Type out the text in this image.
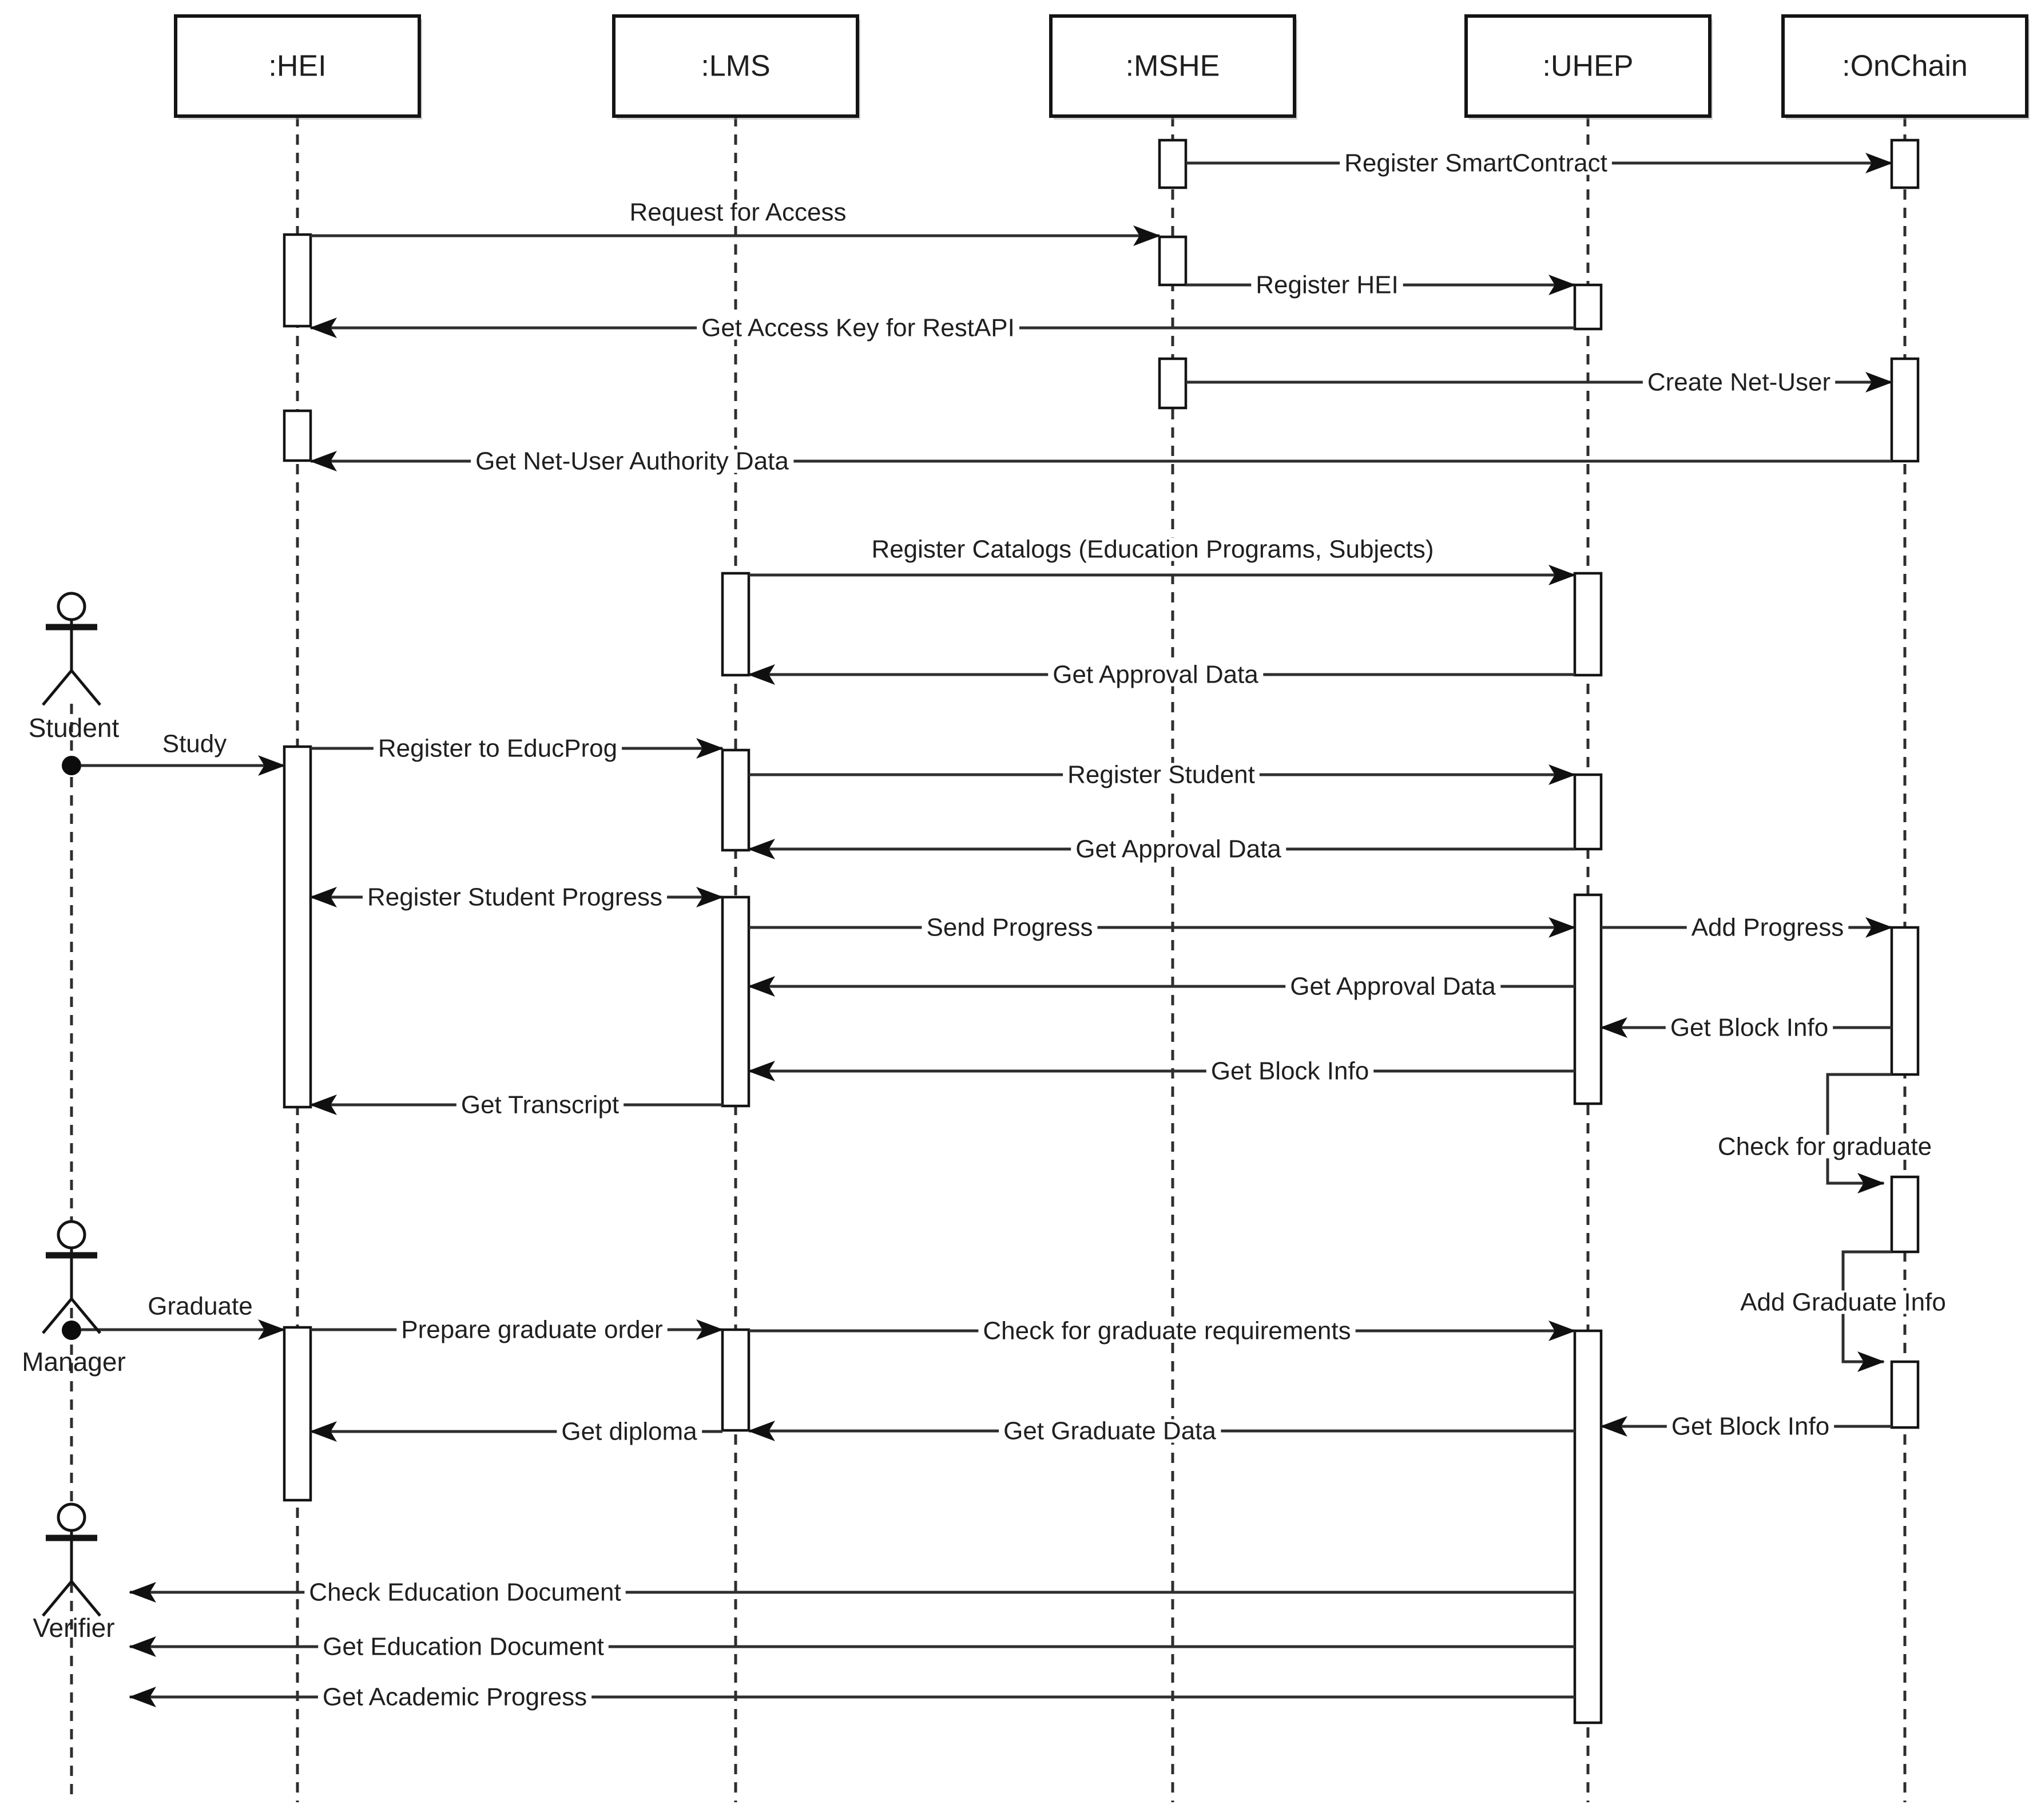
:HEI	:LMS	:MSHE	:UHEP	:OnChain
Student
Manager
Verifier
Register SmartContract
Request for Access
Register HEI
Get Access Key for RestAPI
Create Net-User
Get Net-User Authority Data
Register Catalogs (Education Programs, Subjects)
Get Approval Data
Study	Register to EducProg
Register Student
Get Approval Data
Register Student Progress
Send Progress	Add Progress
Get Approval Data
Get Block Info
Get Block Info
Get Transcript
Graduate
Prepare graduate order	Check for graduate requirements
Get Block Info
Get Graduate Data
Get diploma
Check Education Document
Get Education Document
Get Academic Progress
Check for graduate
Add Graduate Info
